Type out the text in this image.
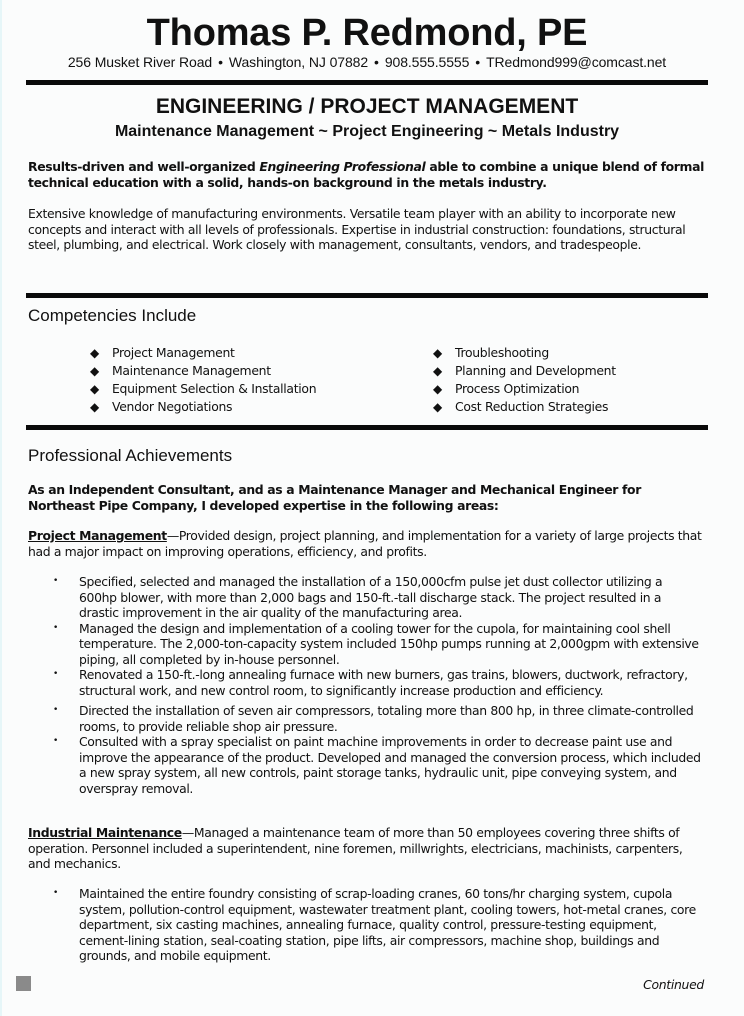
Thomas P. Redmond, PE
256 Musket River Road • Washington, NJ 07882 • 908.555.5555 • TRedmond999@comcast.net
ENGINEERING / PROJECT MANAGEMENT
Maintenance Management ~ Project Engineering ~ Metals Industry
Results-driven and well-organized Engineering Professional able to combine a unique blend of formal technical education with a solid, hands-on background in the metals industry.
Extensive knowledge of manufacturing environments. Versatile team player with an ability to incorporate new concepts and interact with all levels of professionals. Expertise in industrial construction: foundations, structural steel, plumbing, and electrical. Work closely with management, consultants, vendors, and tradespeople.
Competencies Include
◆ Project Management
◆ Maintenance Management
◆ Equipment Selection & Installation
◆ Vendor Negotiations
◆ Troubleshooting
◆ Planning and Development
◆ Process Optimization
◆ Cost Reduction Strategies
Professional Achievements
As an Independent Consultant, and as a Maintenance Manager and Mechanical Engineer for Northeast Pipe Company, I developed expertise in the following areas:
Project Management—Provided design, project planning, and implementation for a variety of large projects that had a major impact on improving operations, efficiency, and profits.
• Specified, selected and managed the installation of a 150,000cfm pulse jet dust collector utilizing a 600hp blower, with more than 2,000 bags and 150-ft.-tall discharge stack. The project resulted in a drastic improvement in the air quality of the manufacturing area.
• Managed the design and implementation of a cooling tower for the cupola, for maintaining cool shell temperature. The 2,000-ton-capacity system included 150hp pumps running at 2,000gpm with extensive piping, all completed by in-house personnel.
• Renovated a 150-ft.-long annealing furnace with new burners, gas trains, blowers, ductwork, refractory, structural work, and new control room, to significantly increase production and efficiency.
• Directed the installation of seven air compressors, totaling more than 800 hp, in three climate-controlled rooms, to provide reliable shop air pressure.
• Consulted with a spray specialist on paint machine improvements in order to decrease paint use and improve the appearance of the product. Developed and managed the conversion process, which included a new spray system, all new controls, paint storage tanks, hydraulic unit, pipe conveying system, and overspray removal.
Industrial Maintenance—Managed a maintenance team of more than 50 employees covering three shifts of operation. Personnel included a superintendent, nine foremen, millwrights, electricians, machinists, carpenters, and mechanics.
• Maintained the entire foundry consisting of scrap-loading cranes, 60 tons/hr charging system, cupola system, pollution-control equipment, wastewater treatment plant, cooling towers, hot-metal cranes, core department, six casting machines, annealing furnace, quality control, pressure-testing equipment, cement-lining station, seal-coating station, pipe lifts, air compressors, machine shop, buildings and grounds, and mobile equipment.
Continued
